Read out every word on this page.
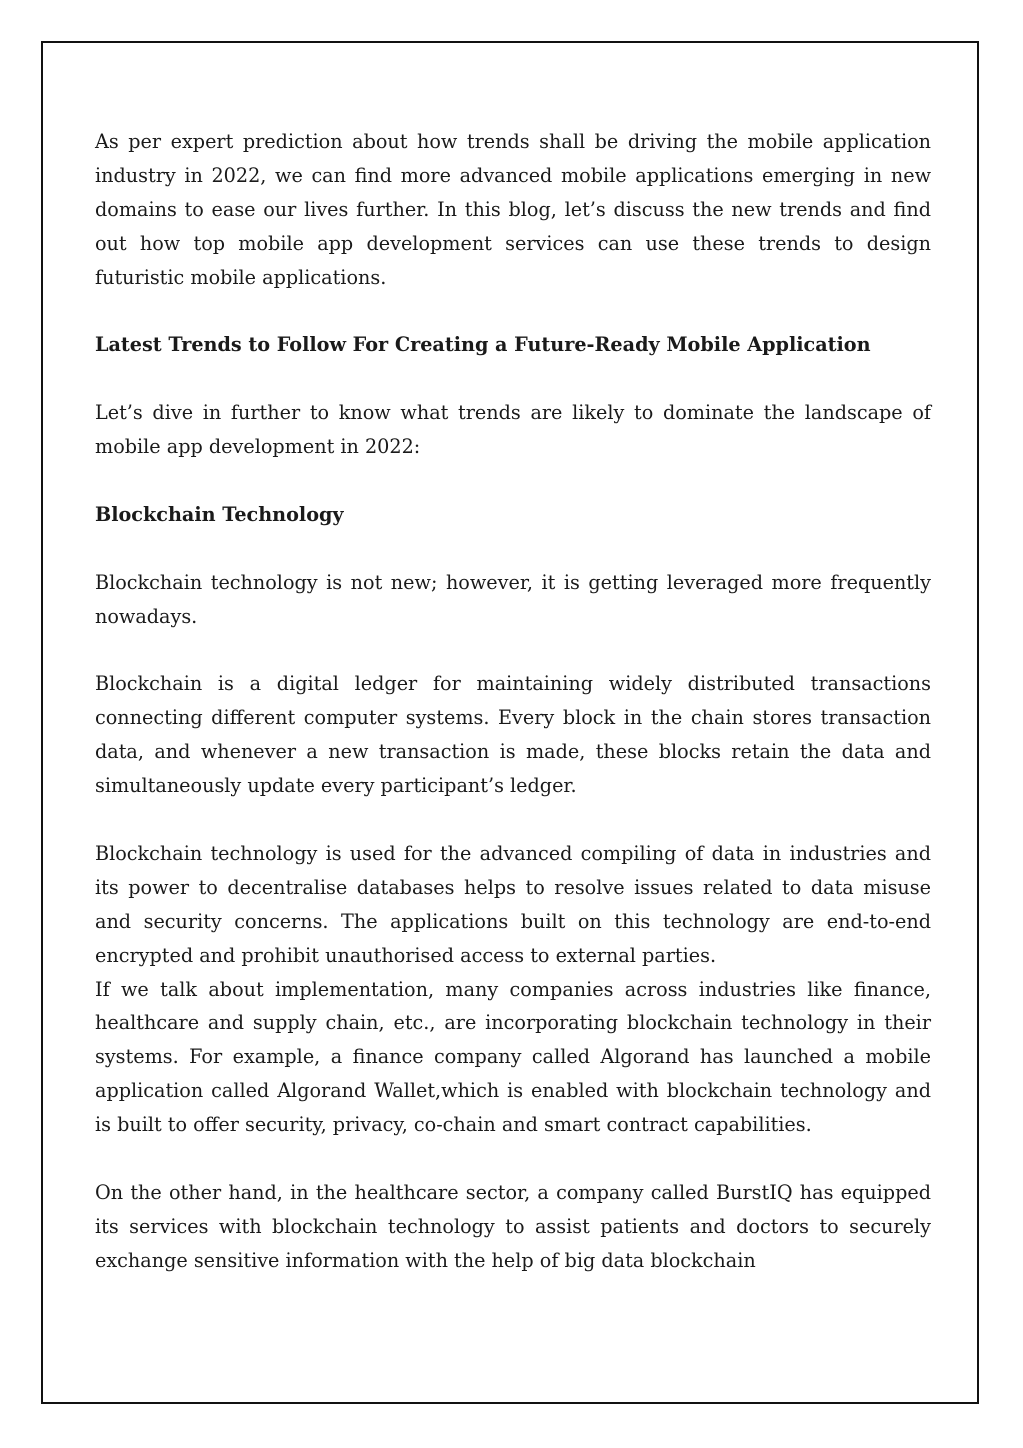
As per expert prediction about how trends shall be driving the mobile application industry in 2022, we can find more advanced mobile applications emerging in new domains to ease our lives further. In this blog, let’s discuss the new trends and find out how top mobile app development services can use these trends to design futuristic mobile applications.

Latest Trends to Follow For Creating a Future-Ready Mobile Application

Let’s dive in further to know what trends are likely to dominate the landscape of mobile app development in 2022:

Blockchain Technology

Blockchain technology is not new; however, it is getting leveraged more frequently nowadays.

Blockchain is a digital ledger for maintaining widely distributed transactions connecting different computer systems. Every block in the chain stores transaction data, and whenever a new transaction is made, these blocks retain the data and simultaneously update every participant’s ledger.

Blockchain technology is used for the advanced compiling of data in industries and its power to decentralise databases helps to resolve issues related to data misuse and security concerns. The applications built on this technology are end-to-end encrypted and prohibit unauthorised access to external parties.

If we talk about implementation, many companies across industries like finance, healthcare and supply chain, etc., are incorporating blockchain technology in their systems. For example, a finance company called Algorand has launched a mobile application called Algorand Wallet,which is enabled with blockchain technology and is built to offer security, privacy, co-chain and smart contract capabilities.

On the other hand, in the healthcare sector, a company called BurstIQ has equipped its services with blockchain technology to assist patients and doctors to securely exchange sensitive information with the help of big data blockchain
